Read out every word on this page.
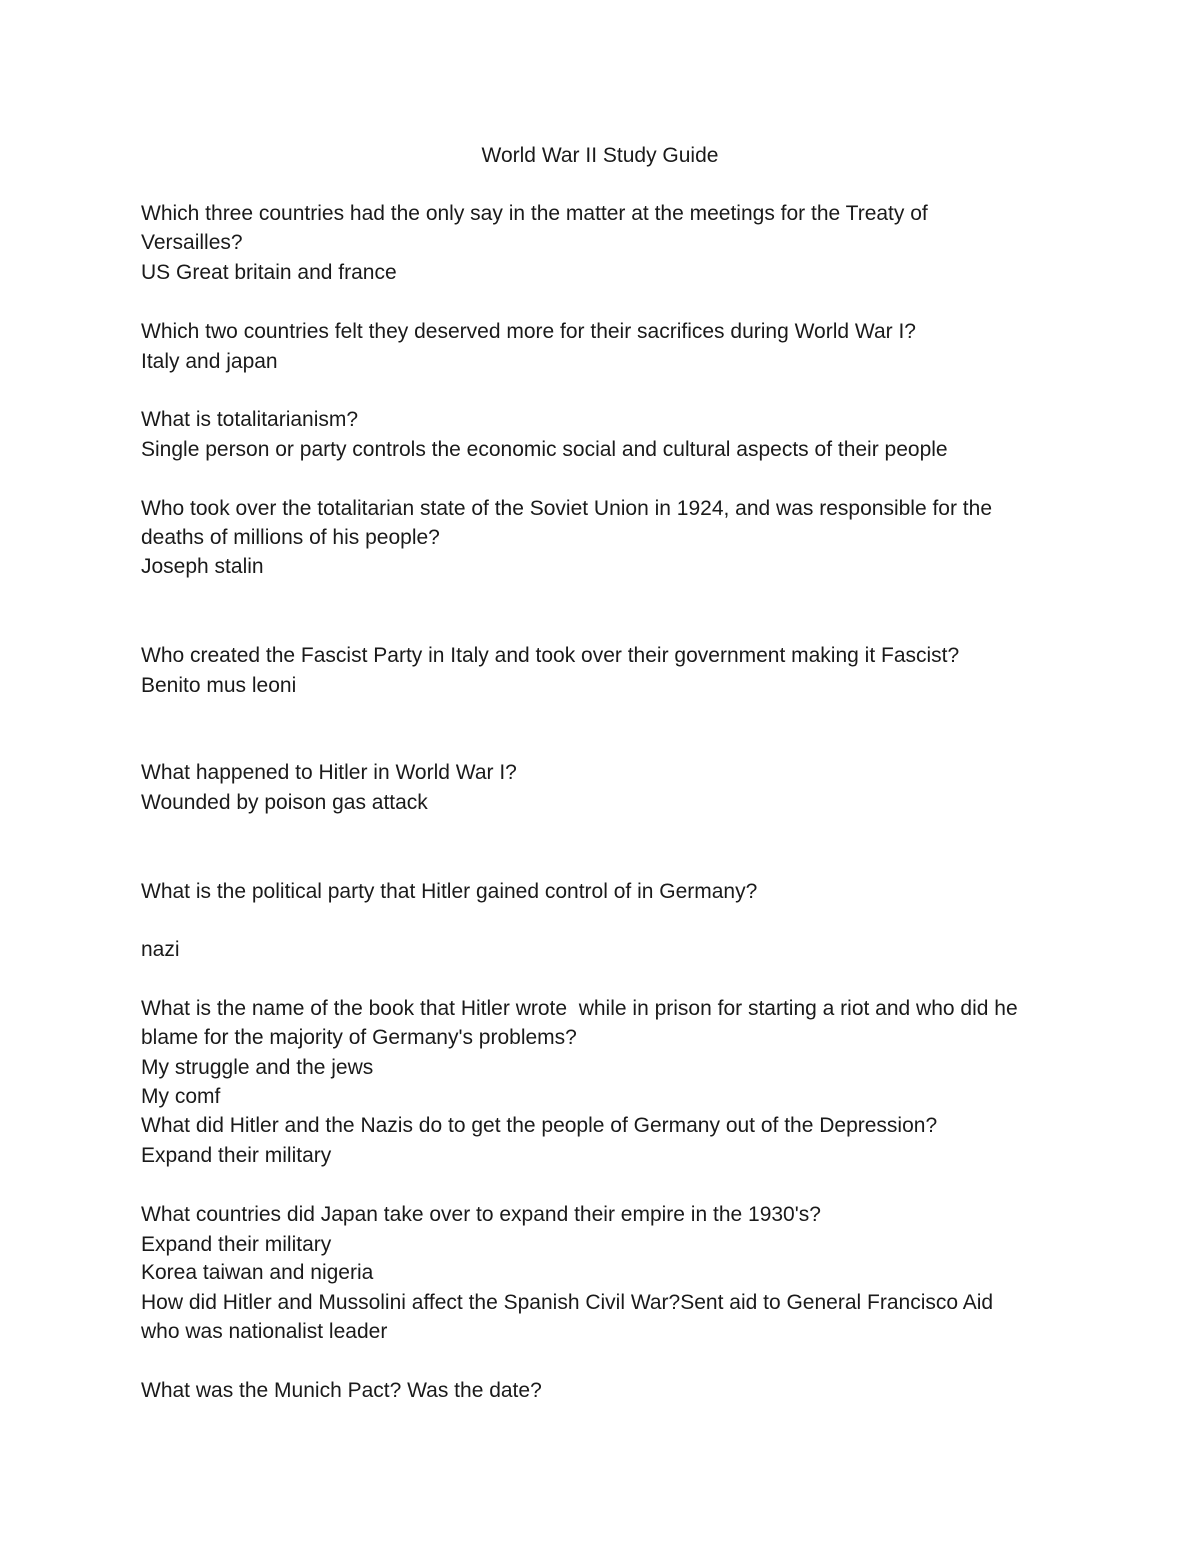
World War II Study Guide
Which three countries had the only say in the matter at the meetings for the Treaty of
Versailles?
US Great britain and france
Which two countries felt they deserved more for their sacrifices during World War I?
Italy and japan
What is totalitarianism?
Single person or party controls the economic social and cultural aspects of their people
Who took over the totalitarian state of the Soviet Union in 1924, and was responsible for the
deaths of millions of his people?
Joseph stalin
Who created the Fascist Party in Italy and took over their government making it Fascist?
Benito mus leoni
What happened to Hitler in World War I?
Wounded by poison gas attack
What is the political party that Hitler gained control of in Germany?
nazi
What is the name of the book that Hitler wrote  while in prison for starting a riot and who did he
blame for the majority of Germany's problems?
My struggle and the jews
My comf
What did Hitler and the Nazis do to get the people of Germany out of the Depression?
Expand their military
What countries did Japan take over to expand their empire in the 1930's?
Expand their military
Korea taiwan and nigeria
How did Hitler and Mussolini affect the Spanish Civil War?Sent aid to General Francisco Aid
who was nationalist leader
What was the Munich Pact? Was the date?
